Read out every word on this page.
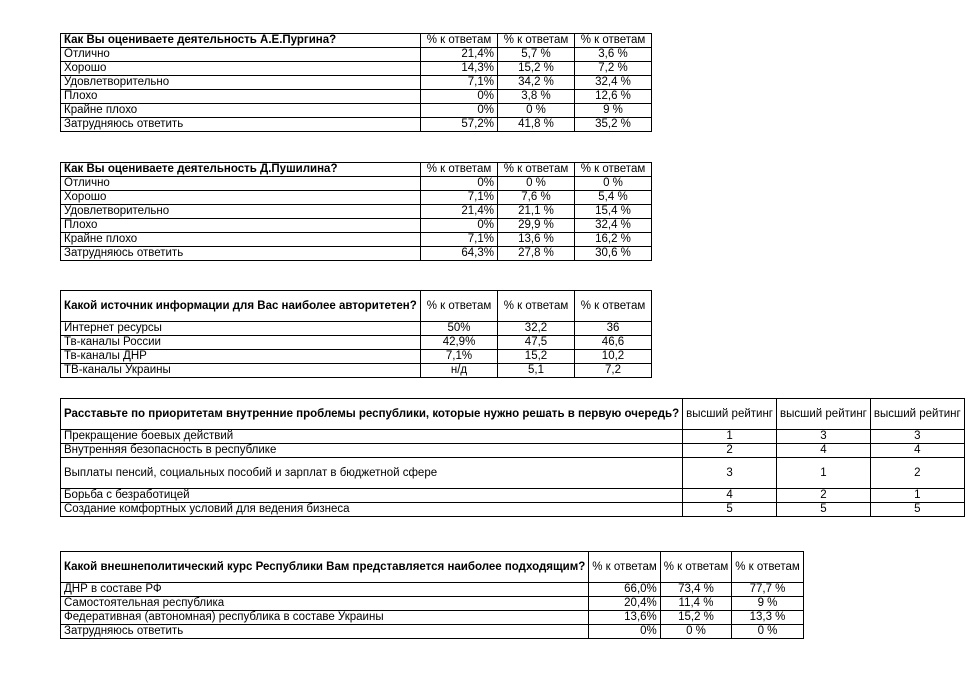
Как Вы оцениваете деятельность А.Е.Пургина?	% к ответам	% к ответам	% к ответам
Отлично	21,4%	5,7 %	3,6 %
Хорошо	14,3%	15,2 %	7,2 %
Удовлетворительно	7,1%	34,2 %	32,4 %
Плохо	0%	3,8 %	12,6 %
Крайне плохо	0%	0 %	9 %
Затрудняюсь ответить	57,2%	41,8 %	35,2 %
Как Вы оцениваете деятельность Д.Пушилина?	% к ответам	% к ответам	% к ответам
Отлично	0%	0 %	0 %
Хорошо	7,1%	7,6 %	5,4 %
Удовлетворительно	21,4%	21,1 %	15,4 %
Плохо	0%	29,9 %	32,4 %
Крайне плохо	7,1%	13,6 %	16,2 %
Затрудняюсь ответить	64,3%	27,8 %	30,6 %
Какой источник информации для Вас наиболее авторитетен?	% к ответам	% к ответам	% к ответам
Интернет ресурсы	50%	32,2	36
Тв-каналы России	42,9%	47,5	46,6
Тв-каналы ДНР	7,1%	15,2	10,2
ТВ-каналы Украины	н/д	5,1	7,2
Расставьте по приоритетам внутренние проблемы республики, которые нужно решать в первую очередь?	высший рейтинг	высший рейтинг	высший рейтинг
Прекращение боевых действий	1	3	3
Внутренняя безопасность в республике	2	4	4
Выплаты пенсий, социальных пособий и зарплат в бюджетной сфере	3	1	2
Борьба с безработицей	4	2	1
Создание комфортных условий для ведения бизнеса	5	5	5
Какой внешнеполитический курс Республики Вам представляется наиболее подходящим?	% к ответам	% к ответам	% к ответам
ДНР в составе РФ	66,0%	73,4 %	77,7 %
Самостоятельная республика	20,4%	11,4 %	9 %
Федеративная (автономная) республика в составе Украины	13,6%	15,2 %	13,3 %
Затрудняюсь ответить	0%	0 %	0 %
